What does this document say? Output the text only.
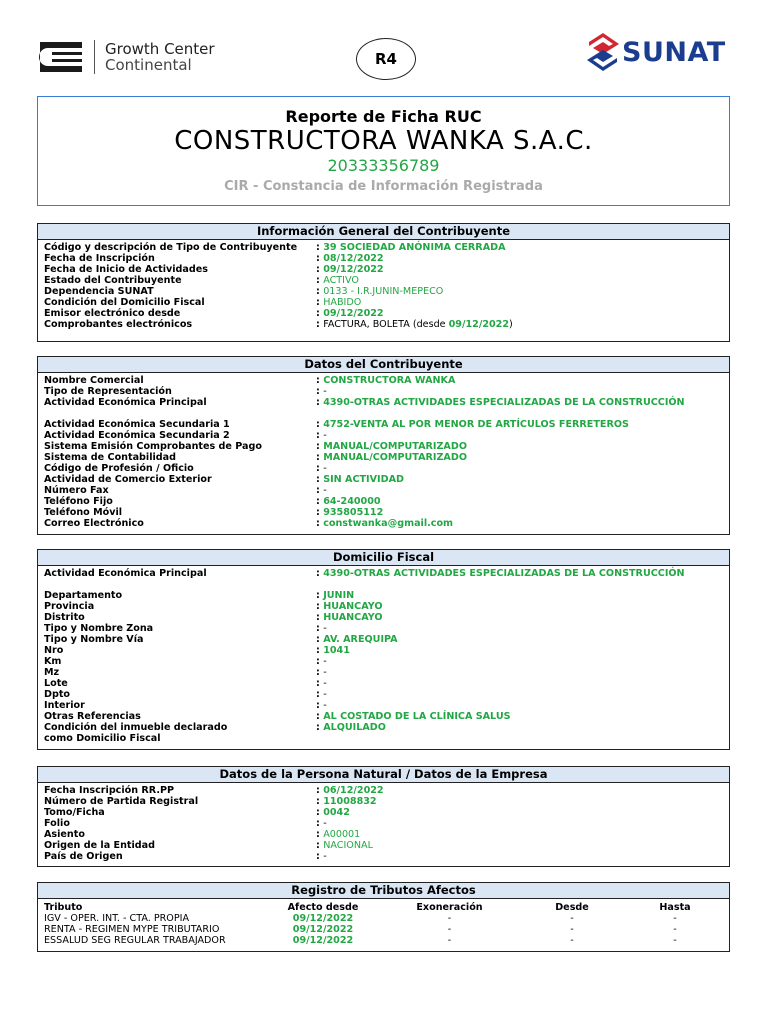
Growth Center
Continental	R4	SUNAT
Reporte de Ficha RUC
CONSTRUCTORA WANKA S.A.C.
20333356789
CIR - Constancia de Información Registrada
Información General del Contribuyente
Código y descripción de Tipo de Contribuyente	: 39 SOCIEDAD ANÓNIMA CERRADA
Fecha de Inscripción	: 08/12/2022
Fecha de Inicio de Actividades	: 09/12/2022
Estado del Contribuyente	: ACTIVO
Dependencia SUNAT	: 0133 - I.R.JUNIN-MEPECO
Condición del Domicilio Fiscal	: HABIDO
Emisor electrónico desde	: 09/12/2022
Comprobantes electrónicos	: FACTURA, BOLETA (desde 09/12/2022)
Datos del Contribuyente
Nombre Comercial	: CONSTRUCTORA WANKA
Tipo de Representación	: -
Actividad Económica Principal	: 4390-OTRAS ACTIVIDADES ESPECIALIZADAS DE LA CONSTRUCCIÓN
Actividad Económica Secundaria 1	: 4752-VENTA AL POR MENOR DE ARTÍCULOS FERRETEROS
Actividad Económica Secundaria 2	: -
Sistema Emisión Comprobantes de Pago	: MANUAL/COMPUTARIZADO
Sistema de Contabilidad	: MANUAL/COMPUTARIZADO
Código de Profesión / Oficio	: -
Actividad de Comercio Exterior	: SIN ACTIVIDAD
Número Fax	: -
Teléfono Fijo	: 64-240000
Teléfono Móvil	: 935805112
Correo Electrónico	: constwanka@gmail.com
Domicilio Fiscal
Actividad Económica Principal	: 4390-OTRAS ACTIVIDADES ESPECIALIZADAS DE LA CONSTRUCCIÓN
Departamento	: JUNIN
Provincia	: HUANCAYO
Distrito	: HUANCAYO
Tipo y Nombre Zona	: -
Tipo y Nombre Vía	: AV. AREQUIPA
Nro	: 1041
Km	: -
Mz	: -
Lote	: -
Dpto	: -
Interior	: -
Otras Referencias	: AL COSTADO DE LA CLÍNICA SALUS
Condición del inmueble declarado
como Domicilio Fiscal
: ALQUILADO
Datos de la Persona Natural / Datos de la Empresa
Fecha Inscripción RR.PP	: 06/12/2022
Número de Partida Registral	: 11008832
Tomo/Ficha	: 0042
Folio	: -
Asiento	: A00001
Origen de la Entidad	: NACIONAL
País de Origen	: -
Registro de Tributos Afectos
Tributo	Afecto desde	Exoneración	Desde	Hasta
IGV - OPER. INT. - CTA. PROPIA	09/12/2022	-	-	-
RENTA - REGIMEN MYPE TRIBUTARIO	09/12/2022	-	-	-
ESSALUD SEG REGULAR TRABAJADOR	09/12/2022	-	-	-
